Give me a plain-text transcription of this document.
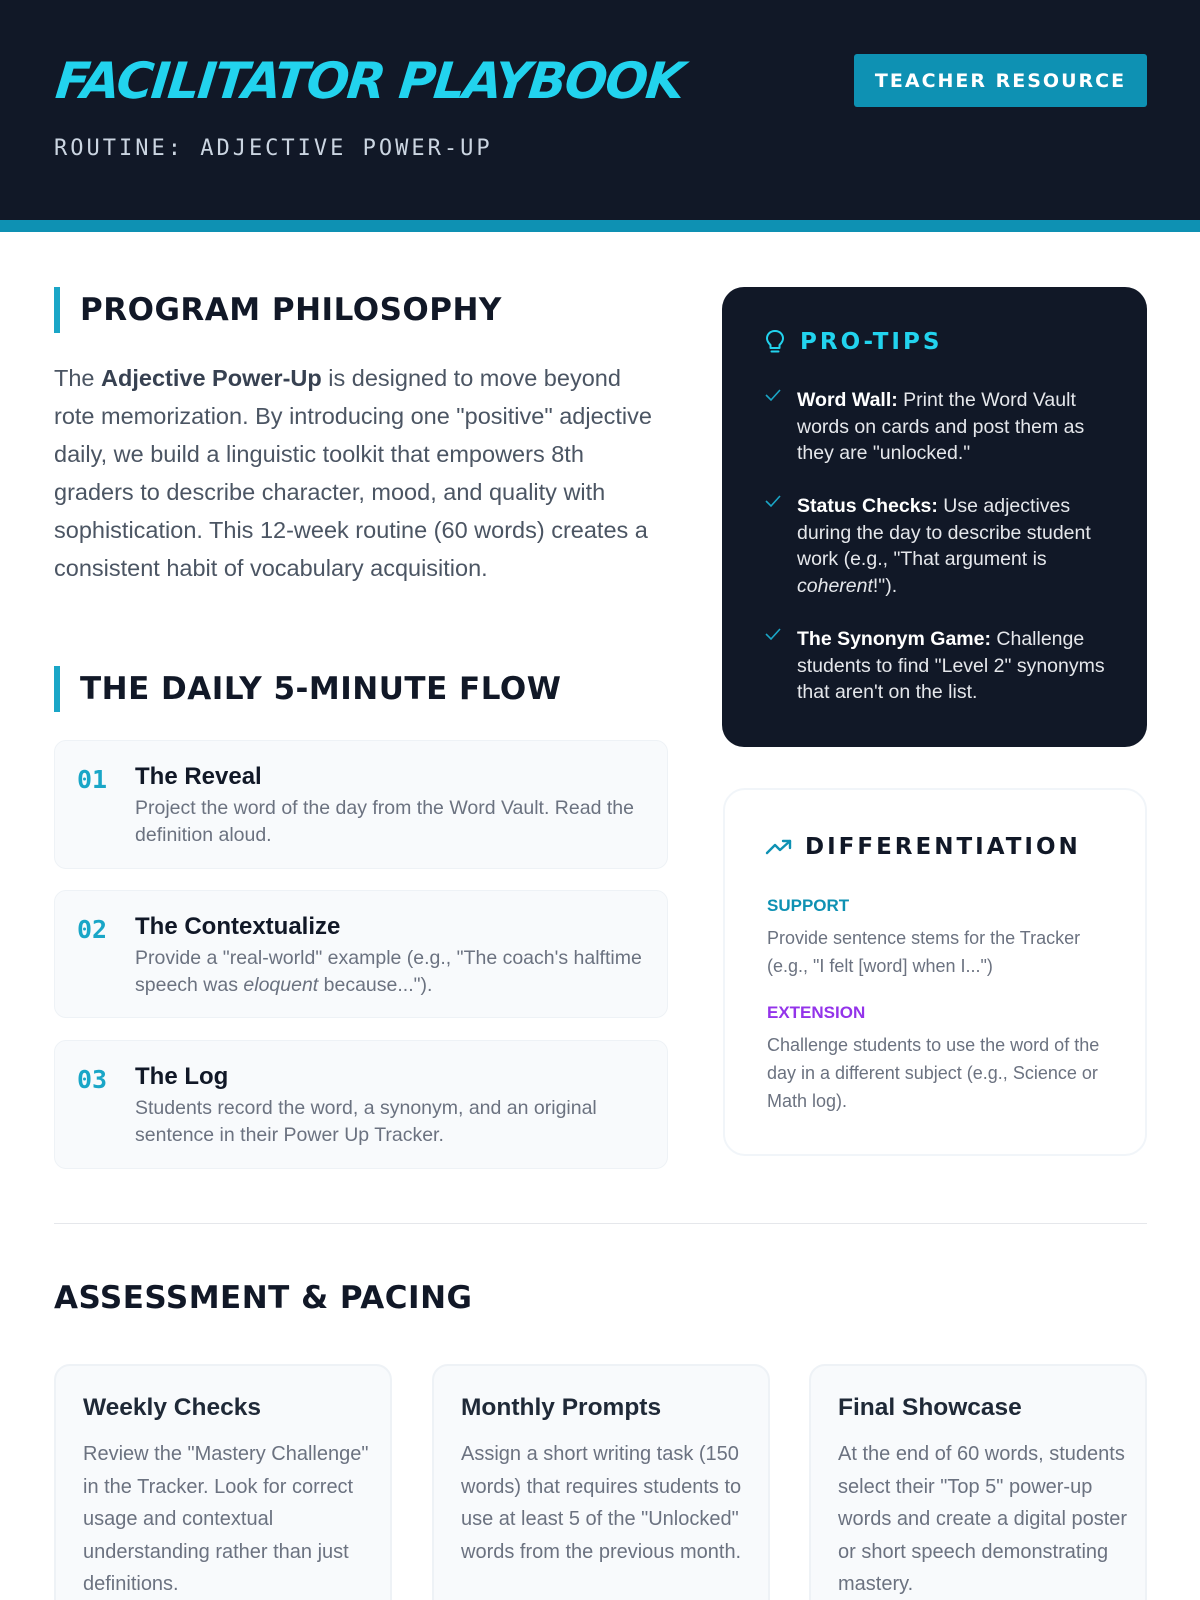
FACILITATOR PLAYBOOK
ROUTINE: ADJECTIVE POWER-UP
TEACHER RESOURCE
PROGRAM PHILOSOPHY

The Adjective Power-Up is designed to move beyond rote memorization. By introducing one "positive" adjective daily, we build a linguistic toolkit that empowers 8th graders to describe character, mood, and quality with sophistication. This 12-week routine (60 words) creates a consistent habit of vocabulary acquisition.

THE DAILY 5-MINUTE FLOW
01 The Reveal
Project the word of the day from the Word Vault. Read the definition aloud.
02 The Contextualize
Provide a "real-world" example (e.g., "The coach's halftime speech was eloquent because...").
03 The Log
Students record the word, a synonym, and an original sentence in their Power Up Tracker.
PRO-TIPS
Word Wall: Print the Word Vault words on cards and post them as they are "unlocked."
Status Checks: Use adjectives during the day to describe student work (e.g., "That argument is coherent!").
The Synonym Game: Challenge students to find "Level 2" synonyms that aren't on the list.
DIFFERENTIATION
SUPPORT
Provide sentence stems for the Tracker (e.g., "I felt [word] when I...")
EXTENSION
Challenge students to use the word of the day in a different subject (e.g., Science or Math log).
ASSESSMENT & PACING
Weekly Checks
Review the "Mastery Challenge" in the Tracker. Look for correct usage and contextual understanding rather than just definitions.
Monthly Prompts
Assign a short writing task (150 words) that requires students to use at least 5 of the "Unlocked" words from the previous month.
Final Showcase
At the end of 60 words, students select their "Top 5" power-up words and create a digital poster or short speech demonstrating mastery.
